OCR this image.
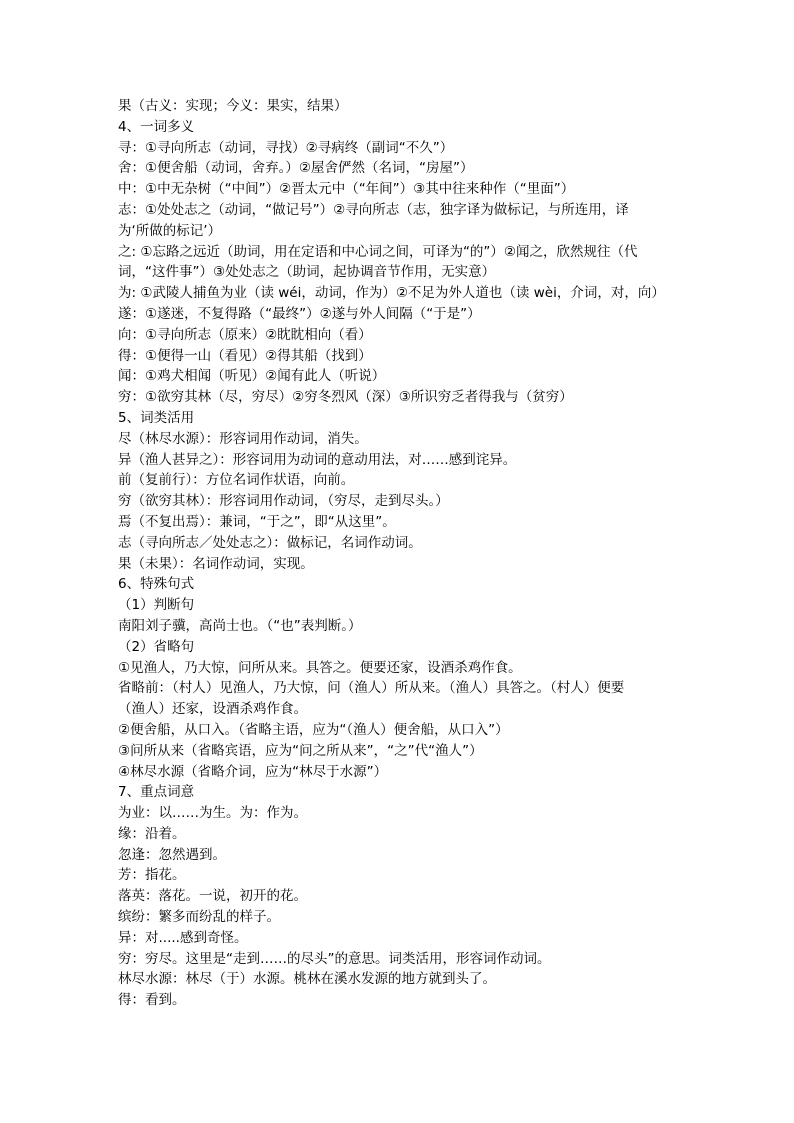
果（古义：实现；今义：果实，结果）
4、一词多义
寻：①寻向所志（动词，寻找）②寻病终（副词“不久”）
舍：①便舍船（动词，舍弃。）②屋舍俨然（名词，“房屋”）
中：①中无杂树（“中间”）②晋太元中（“年间”）③其中往来种作（“里面”）
志：①处处志之（动词，“做记号”）②寻向所志（志，独字译为做标记，与所连用，译
为‘所做的标记’）
之: ①忘路之远近（助词，用在定语和中心词之间，可译为“的”）②闻之，欣然规往（代
词，“这件事”）③处处志之（助词，起协调音节作用，无实意）
为: ①武陵人捕鱼为业（读 wéi，动词，作为）②不足为外人道也（读 wèi，介词，对，向）
遂：①遂迷，不复得路（“最终”）②遂与外人间隔（“于是”）
向：①寻向所志（原来）②眈眈相向（看）
得：①便得一山（看见）②得其船（找到）
闻：①鸡犬相闻（听见）②闻有此人（听说）
穷：①欲穷其林（尽，穷尽）②穷冬烈风（深）③所识穷乏者得我与（贫穷）
5、词类活用
尽（林尽水源）：形容词用作动词，消失。
异（渔人甚异之）：形容词用为动词的意动用法，对……感到诧异。
前（复前行）：方位名词作状语，向前。
穷（欲穷其林）：形容词用作动词，（穷尽，走到尽头。）
焉（不复出焉）：兼词，“于之”，即“从这里”。
志（寻向所志／处处志之）：做标记，名词作动词。
果（未果）：名词作动词，实现。
6、特殊句式
（1）判断句
南阳刘子骥，高尚士也。（“也”表判断。）
（2）省略句
①见渔人，乃大惊，问所从来。具答之。便要还家，设酒杀鸡作食。
省略前：（村人）见渔人，乃大惊，问（渔人）所从来。（渔人）具答之。（村人）便要
（渔人）还家，设酒杀鸡作食。
②便舍船，从口入。（省略主语，应为“（渔人）便舍船，从口入”）
③问所从来（省略宾语，应为“问之所从来”，“之”代“渔人”）
④林尽水源（省略介词，应为“林尽于水源”）
7、重点词意
为业：以……为生。为：作为。
缘：沿着。
忽逢：忽然遇到。
芳：指花。
落英：落花。一说，初开的花。
缤纷：繁多而纷乱的样子。
异：对.....感到奇怪。
穷：穷尽。这里是“走到……的尽头”的意思。词类活用，形容词作动词。
林尽水源：林尽（于）水源。桃林在溪水发源的地方就到头了。
得：看到。
